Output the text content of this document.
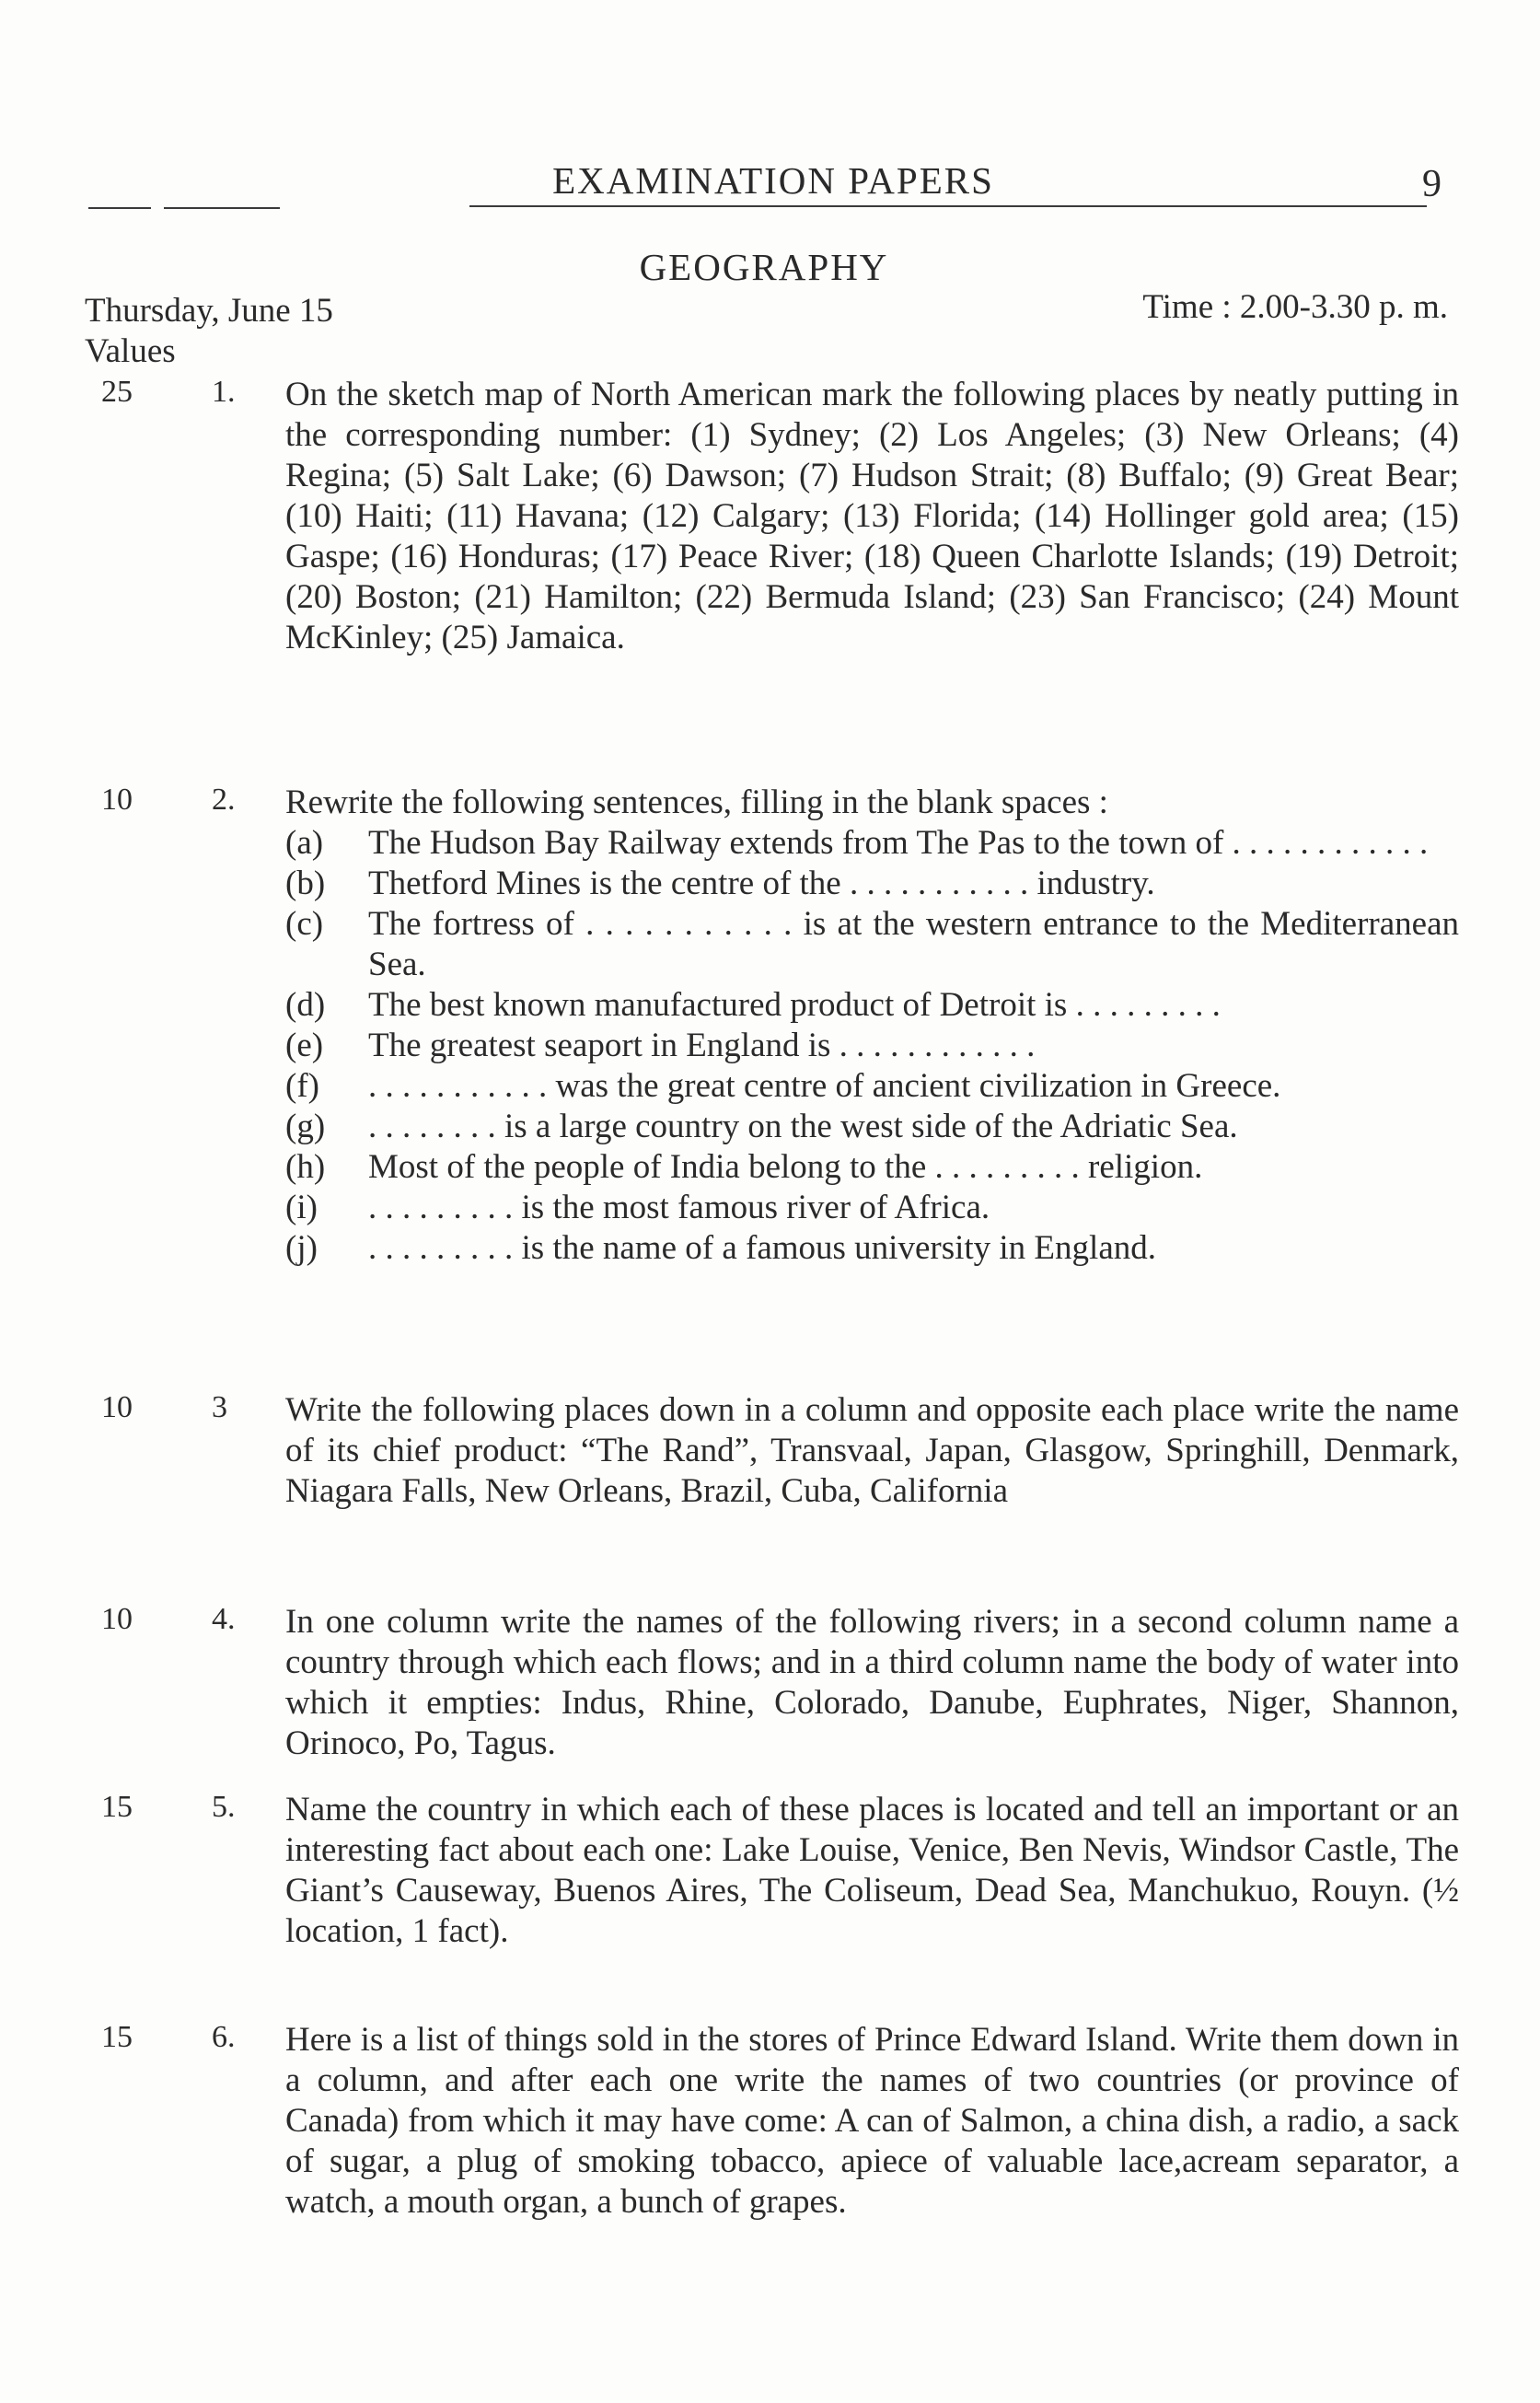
EXAMINATION PAPERS	9
GEOGRAPHY
Thursday, June 15	Time : 2.00-3.30 p. m.
Values
25	1. On the sketch map of North American mark the following places by neatly putting in the corresponding number: (1) Sydney; (2) Los Angeles; (3) New Orleans; (4) Regina; (5) Salt Lake; (6) Dawson; (7) Hudson Strait; (8) Buffalo; (9) Great Bear; (10) Haiti; (11) Havana; (12) Calgary; (13) Florida; (14) Hollinger gold area; (15) Gaspe; (16) Honduras; (17) Peace River; (18) Queen Charlotte Islands; (19) Detroit; (20) Boston; (21) Hamilton; (22) Bermuda Island; (23) San Francisco; (24) Mount McKinley; (25) Jamaica.
10	2. Rewrite the following sentences, filling in the blank spaces :
(a) The Hudson Bay Railway extends from The Pas to the town of . . . . . . . . . . . .
(b) Thetford Mines is the centre of the . . . . . . . . . . . industry.
(c) The fortress of . . . . . . . . . . . is at the western entrance to the Mediterranean Sea.
(d) The best known manufactured product of Detroit is . . . . . . . . .
(e) The greatest seaport in England is . . . . . . . . . . . .
(f) . . . . . . . . . . . was the great centre of ancient civilization in Greece.
(g) . . . . . . . . is a large country on the west side of the Adriatic Sea.
(h) Most of the people of India belong to the . . . . . . . . . religion.
(i) . . . . . . . . . is the most famous river of Africa.
(j) . . . . . . . . . is the name of a famous university in England.
10	3 Write the following places down in a column and opposite each place write the name of its chief product: “The Rand”, Transvaal, Japan, Glasgow, Springhill, Denmark, Niagara Falls, New Orleans, Brazil, Cuba, California
10	4. In one column write the names of the following rivers; in a second column name a country through which each flows; and in a third column name the body of water into which it empties: Indus, Rhine, Colorado, Danube, Euphrates, Niger, Shannon, Orinoco, Po, Tagus.
15	5. Name the country in which each of these places is located and tell an important or an interesting fact about each one: Lake Louise, Venice, Ben Nevis, Windsor Castle, The Giant’s Causeway, Buenos Aires, The Coliseum, Dead Sea, Manchukuo, Rouyn. (½ location, 1 fact).
15	6. Here is a list of things sold in the stores of Prince Edward Island. Write them down in a column, and after each one write the names of two countries (or province of Canada) from which it may have come: A can of Salmon, a china dish, a radio, a sack of sugar, a plug of smoking tobacco, apiece of valuable lace,acream separator, a watch, a mouth organ, a bunch of grapes.
